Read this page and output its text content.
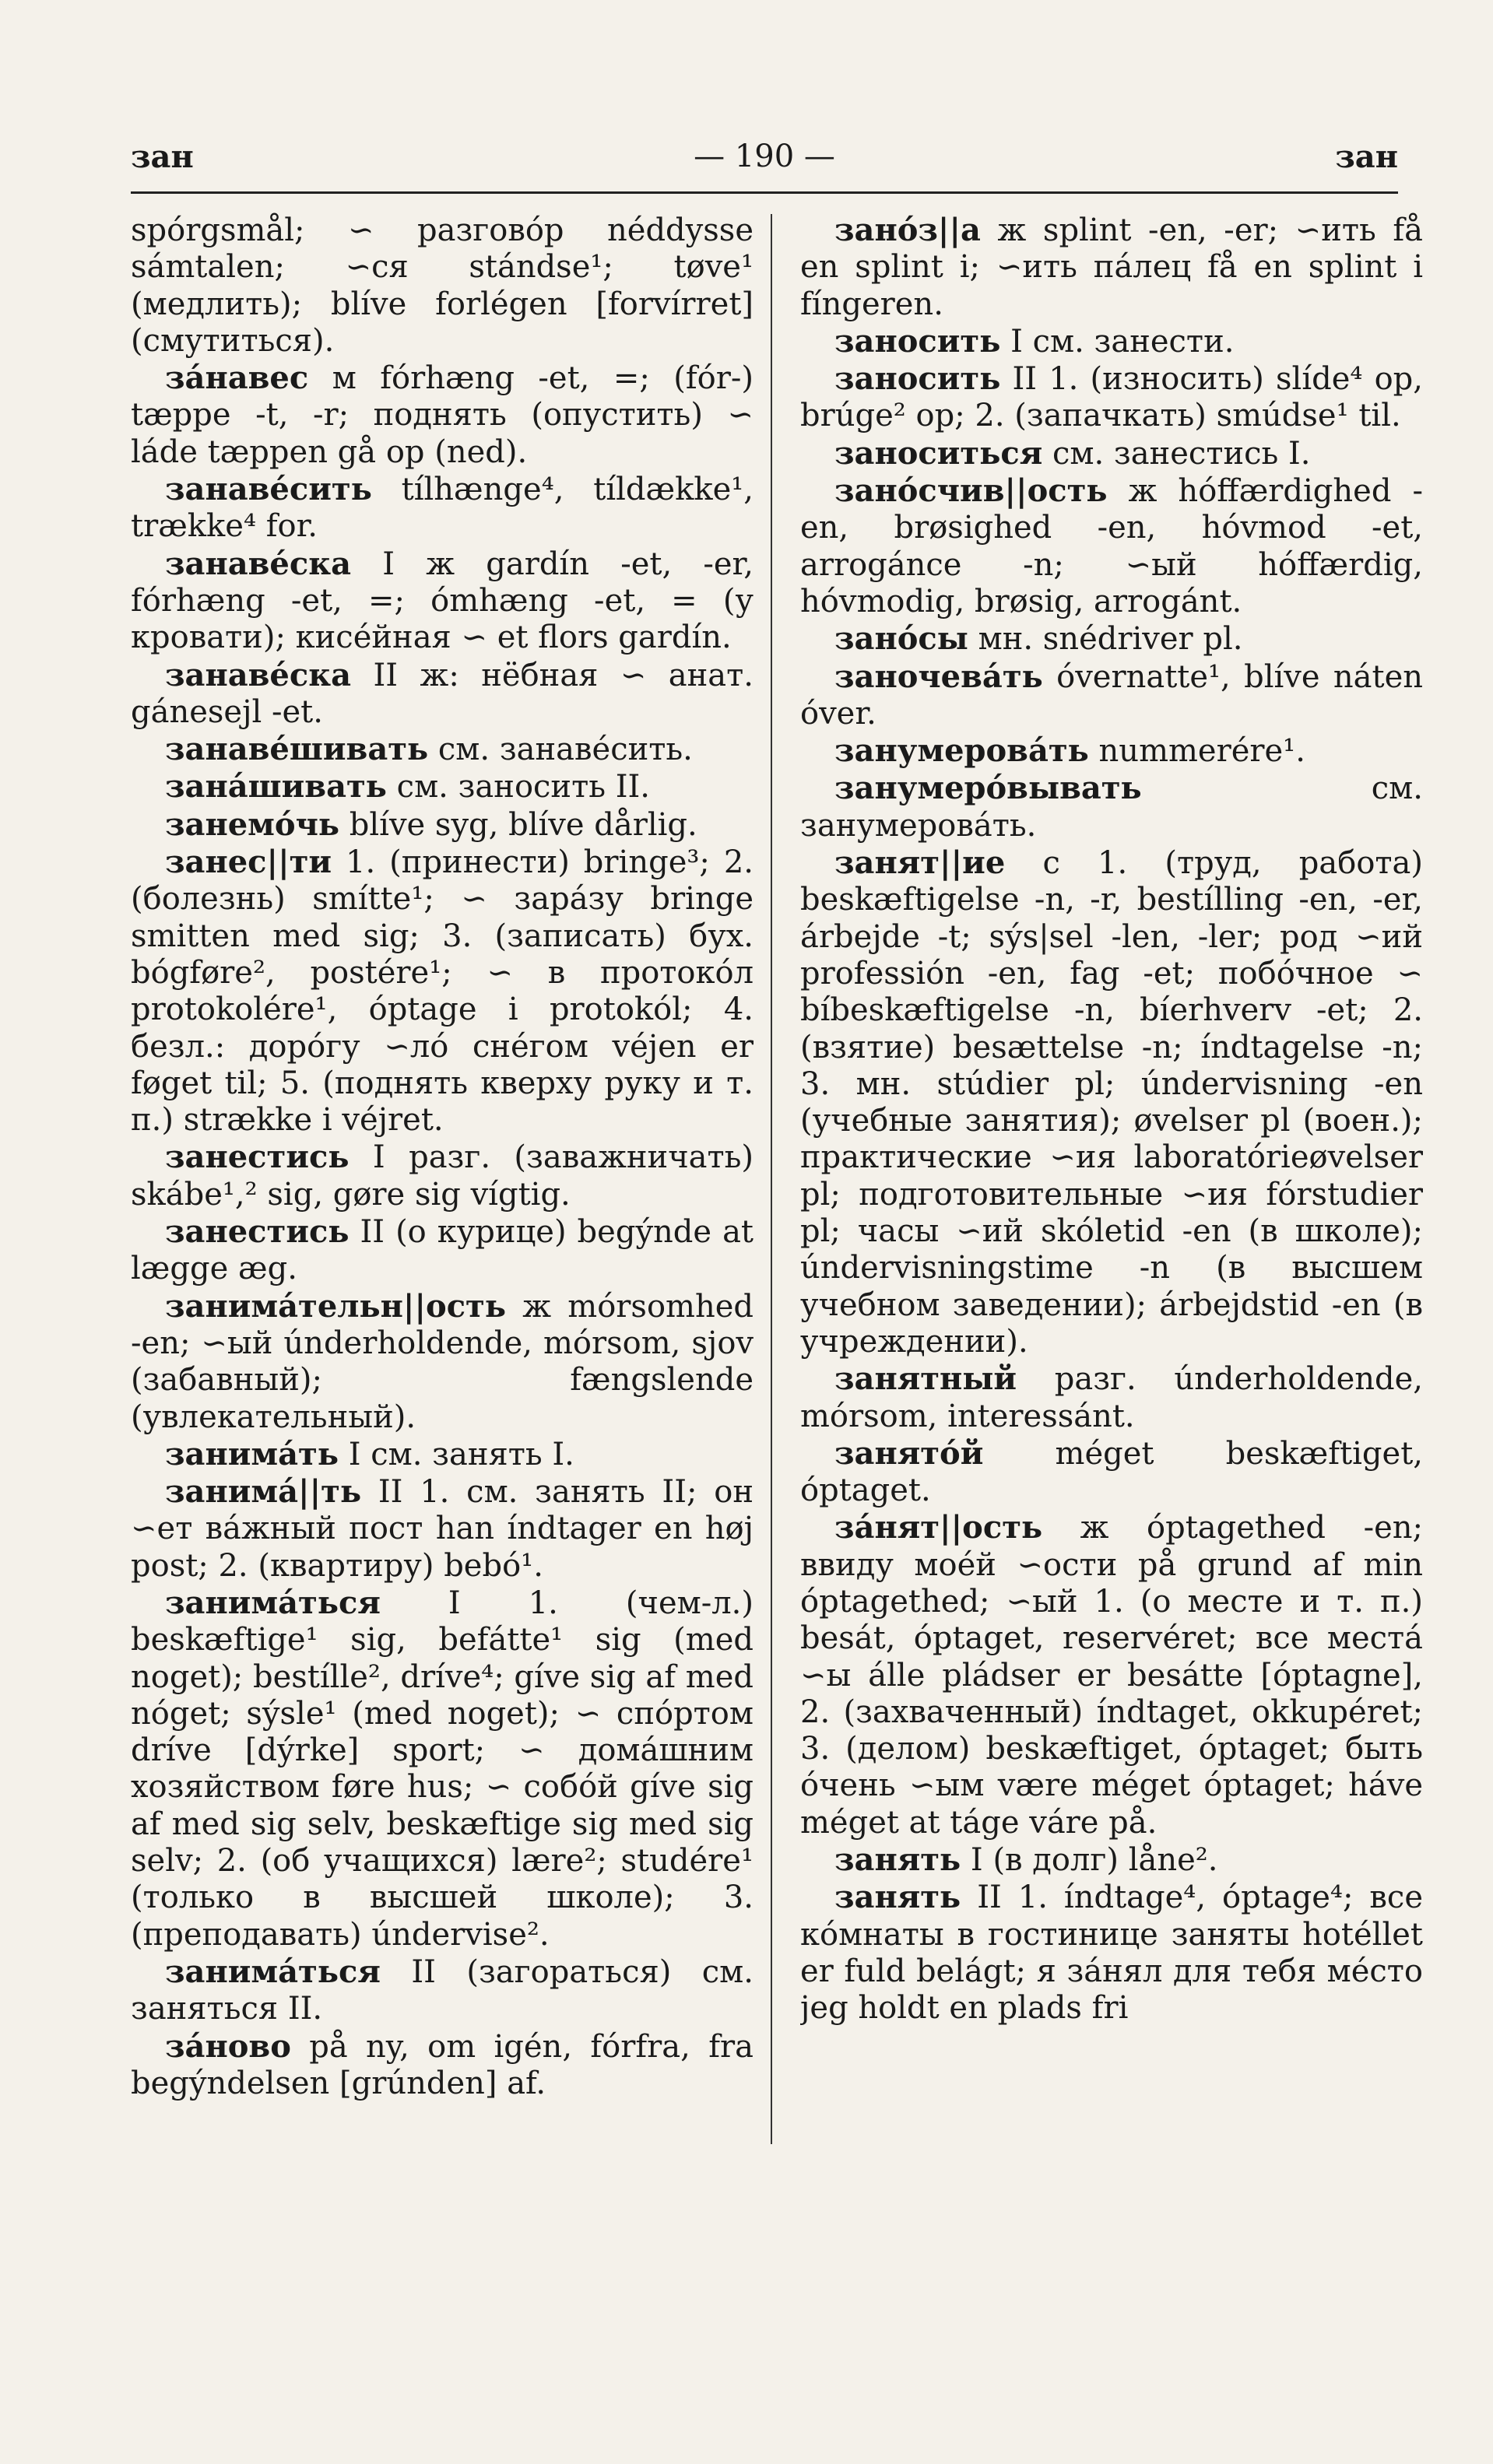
зан	— 190 —	зан

spórgsmål; ∽ разговóр néddysse sámtalen; ∽ся stándse¹; tøve¹ (медлить); blíve forlégen [forvírret] (смутиться).

зáнавес м fórhæng -et, =; (fór-) tæppe -t, -r; поднять (опустить) ∽ láde tæppen gå op (ned).

занавéсить tílhænge⁴, tíldække¹, trække⁴ for.

занавéска I ж gardín -et, -er, fórhæng -et, =; ómhæng -et, = (у кровати); кисéйная ∽ et flors gardín.

занавéска II ж: нёбная ∽ анат. gánesejl -et.

занавéшивать см. занавéсить.

занáшивать см. заносить II.

занемóчь blíve syg, blíve dårlig.

занес||ти 1. (принести) bringe³; 2. (болезнь) smítte¹; ∽ зарáзу bringe smitten med sig; 3. (записать) бух. bógføre², postére¹; ∽ в протокóл protokolére¹, óptage i protokól; 4. безл.: дорóгу ∽лó снéгом véjen er føget til; 5. (поднять кверху руку и т. п.) strække i véjret.

занестись I разг. (заважничать) skábe¹,² sig, gøre sig vígtig.

занестись II (о курице) begýnde at lægge æg.

занимáтельн||ость ж mórsomhed -en; ∽ый únderholdende, mórsom, sjov (забавный); fængslende (увлекательный).

занимáть I см. занять I.

занимá||ть II 1. см. занять II; он ∽ет вáжный пост han índtager en høj post; 2. (квартиру) bebó¹.

занимáться I 1. (чем-л.) beskæftige¹ sig, befátte¹ sig (med noget); bestílle², dríve⁴; gíve sig af med nóget; sýsle¹ (med noget); ∽ спóртом dríve [dýrke] sport; ∽ домáшним хозяйством føre hus; ∽ собóй gíve sig af med sig selv, beskæftige sig med sig selv; 2. (об учащихся) lære²; studére¹ (только в высшей школе); 3. (преподавать) úndervise².

занимáться II (загораться) см. заняться II.

зáново på ny, om igén, fórfra, fra begýndelsen [grúnden] af.

занóз||а ж splint -en, -er; ∽ить få en splint i; ∽ить пáлец få en splint i fíngeren.

заносить I см. занести.

заносить II 1. (износить) slíde⁴ op, brúge² op; 2. (запачкать) smúdse¹ til.

заноситься см. занестись I.

занóсчив||ость ж hóffærdighed -en, brøsighed -en, hóvmod -et, arrogánce -n; ∽ый hóffærdig, hóvmodig, brøsig, arrogánt.

занóсы мн. snédriver pl.

заночевáть óvernatte¹, blíve náten óver.

занумеровáть nummerére¹.

занумерóвывать см. занумеровáть.

занят||ие с 1. (труд, работа) beskæftigelse -n, -r, bestílling -en, -er, árbejde -t; sýs|sel -len, -ler; род ∽ий professión -en, fag -et; побóчное ∽ bíbeskæftigelse -n, bíerhverv -et; 2. (взятие) besættelse -n; índtagelse -n; 3. мн. stúdier pl; úndervisning -en (учебные занятия); øvelser pl (воен.); практические ∽ия laboratórieøvelser pl; подготовительные ∽ия fórstudier pl; часы ∽ий skóletid -en (в школе); úndervisningstime -n (в высшем учебном заведении); árbejdstid -en (в учреждении).

занятный разг. únderholdende, mórsom, interessánt.

занятóй méget beskæftiget, óptaget.

зáнят||ость ж óptagethed -en; ввиду моéй ∽ости på grund af min óptagethed; ∽ый 1. (о месте и т. п.) besát, óptaget, reservéret; все местá ∽ы álle pládser er besátte [óptagne], 2. (захваченный) índtaget, okkupéret; 3. (делом) beskæftiget, óptaget; быть óчень ∽ым være méget óptaget; háve méget at táge váre på.

занять I (в долг) låne².

занять II 1. índtage⁴, óptage⁴; все кóмнаты в гостинице заняты hotéllet er fuld belágt; я зáнял для тебя мéсто jeg holdt en plads fri
